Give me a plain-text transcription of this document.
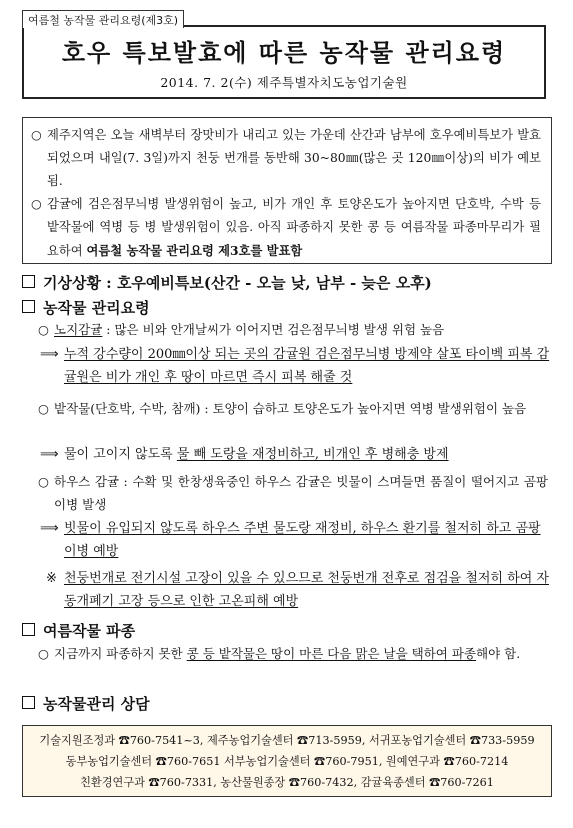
여름철 농작물 관리요령(제3호)
호우 특보발효에 따른 농작물 관리요령
2014. 7. 2(수) 제주특별자치도농업기술원
○ 제주지역은 오늘 새벽부터 장맛비가 내리고 있는 가운데 산간과 남부에 호우예비특보가 발효되었으며 내일(7. 3일)까지 천둥 번개를 동반해 30~80㎜(많은 곳 120㎜이상)의 비가 예보됨.
○ 감귤에 검은점무늬병 발생위험이 높고, 비가 개인 후 토양온도가 높아지면 단호박, 수박 등 밭작물에 역병 등 병 발생위험이 있음. 아직 파종하지 못한 콩 등 여름작물 파종마무리가 필요하여 여름철 농작물 관리요령 제3호를 발표함
기상상황 : 호우예비특보(산간 - 오늘 낮, 남부 - 늦은 오후)
농작물 관리요령
○ 노지감귤 : 많은 비와 안개날씨가 이어지면 검은점무늬병 발생 위험 높음
⟹ 누적 강수량이 200㎜이상 되는 곳의 감귤원 검은점무늬병 방제약 살포 타이벡 피복 감귤원은 비가 개인 후 땅이 마르면 즉시 피복 해줄 것
○ 밭작물(단호박, 수박, 참깨) : 토양이 습하고 토양온도가 높아지면 역병 발생위험이 높음
⟹ 물이 고이지 않도록 물 빼 도랑을 재정비하고, 비개인 후 병해충 방제
○ 하우스 감귤 : 수확 및 한창생육중인 하우스 감귤은 빗물이 스며들면 품질이 떨어지고 곰팡이병 발생
⟹ 빗물이 유입되지 않도록 하우스 주변 물도랑 재정비, 하우스 환기를 철저히 하고 곰팡이병 예방
※ 천둥번개로 전기시설 고장이 있을 수 있으므로 천둥번개 전후로 점검을 철저히 하여 자동개폐기 고장 등으로 인한 고온피해 예방
여름작물 파종
○ 지금까지 파종하지 못한 콩 등 밭작물은 땅이 마른 다음 맑은 날을 택하여 파종해야 함.
농작물관리 상담
기술지원조정과 ☎760-7541~3, 제주농업기술센터 ☎713-5959, 서귀포농업기술센터 ☎733-5959
동부농업기술센터 ☎760-7651 서부농업기술센터 ☎760-7951, 원예연구과 ☎760-7214
친환경연구과 ☎760-7331, 농산물원종장 ☎760-7432, 감귤육종센터 ☎760-7261
